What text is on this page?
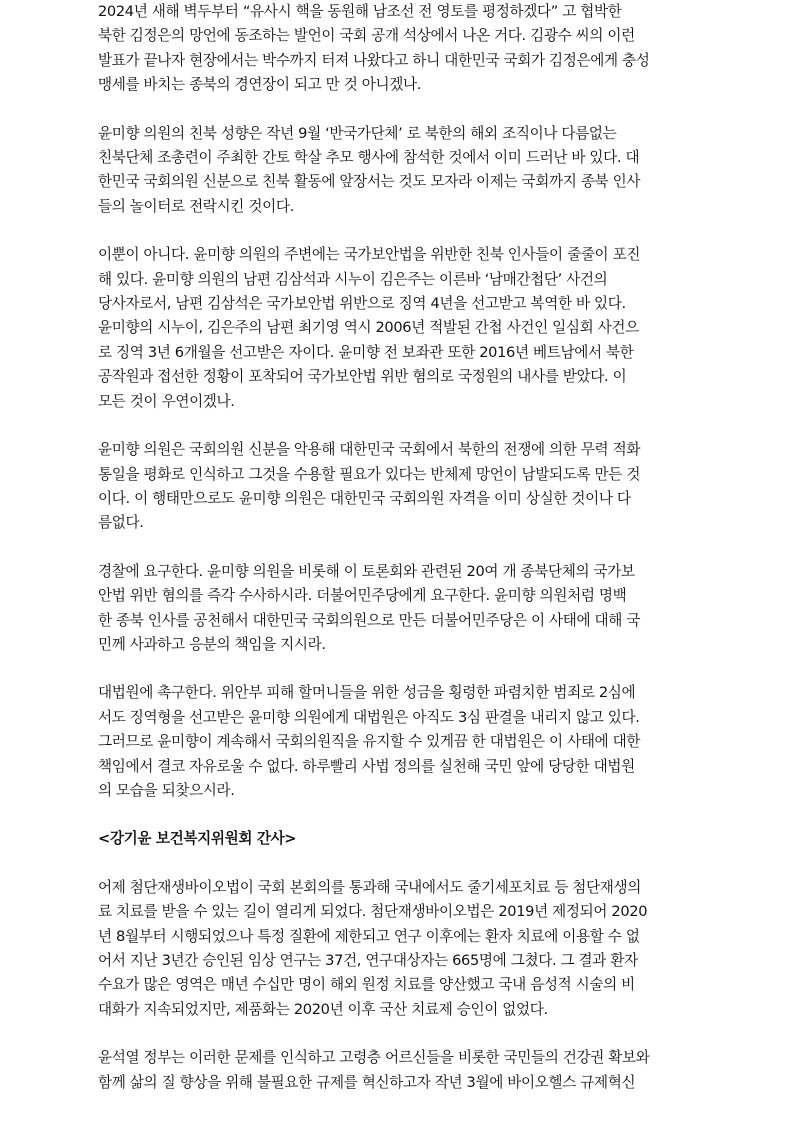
2024년 새해 벽두부터 “유사시 핵을 동원해 남조선 전 영토를 평정하겠다” 고 협박한
북한 김정은의 망언에 동조하는 발언이 국회 공개 석상에서 나온 거다. 김광수 씨의 이런
발표가 끝나자 현장에서는 박수까지 터져 나왔다고 하니 대한민국 국회가 김정은에게 충성
맹세를 바치는 종북의 경연장이 되고 만 것 아니겠나.

윤미향 의원의 친북 성향은 작년 9월 ‘반국가단체’ 로 북한의 해외 조직이나 다름없는
친북단체 조총련이 주최한 간토 학살 추모 행사에 참석한 것에서 이미 드러난 바 있다. 대
한민국 국회의원 신분으로 친북 활동에 앞장서는 것도 모자라 이제는 국회까지 종북 인사
들의 놀이터로 전락시킨 것이다.

이뿐이 아니다. 윤미향 의원의 주변에는 국가보안법을 위반한 친북 인사들이 줄줄이 포진
해 있다. 윤미향 의원의 남편 김삼석과 시누이 김은주는 이른바 ‘남매간첩단’ 사건의
당사자로서, 남편 김삼석은 국가보안법 위반으로 징역 4년을 선고받고 복역한 바 있다.
윤미향의 시누이, 김은주의 남편 최기영 역시 2006년 적발된 간첩 사건인 일심회 사건으
로 징역 3년 6개월을 선고받은 자이다. 윤미향 전 보좌관 또한 2016년 베트남에서 북한
공작원과 접선한 정황이 포착되어 국가보안법 위반 혐의로 국정원의 내사를 받았다. 이
모든 것이 우연이겠나.

윤미향 의원은 국회의원 신분을 악용해 대한민국 국회에서 북한의 전쟁에 의한 무력 적화
통일을 평화로 인식하고 그것을 수용할 필요가 있다는 반체제 망언이 남발되도록 만든 것
이다. 이 행태만으로도 윤미향 의원은 대한민국 국회의원 자격을 이미 상실한 것이나 다
름없다.

경찰에 요구한다. 윤미향 의원을 비롯해 이 토론회와 관련된 20여 개 종북단체의 국가보
안법 위반 혐의를 즉각 수사하시라. 더불어민주당에게 요구한다. 윤미향 의원처럼 명백
한 종북 인사를 공천해서 대한민국 국회의원으로 만든 더불어민주당은 이 사태에 대해 국
민께 사과하고 응분의 책임을 지시라.

대법원에 촉구한다. 위안부 피해 할머니들을 위한 성금을 횡령한 파렴치한 범죄로 2심에
서도 징역형을 선고받은 윤미향 의원에게 대법원은 아직도 3심 판결을 내리지 않고 있다.
그러므로 윤미향이 계속해서 국회의원직을 유지할 수 있게끔 한 대법원은 이 사태에 대한
책임에서 결코 자유로울 수 없다. 하루빨리 사법 정의를 실천해 국민 앞에 당당한 대법원
의 모습을 되찾으시라.

<강기윤 보건복지위원회 간사>

어제 첨단재생바이오법이 국회 본회의를 통과해 국내에서도 줄기세포치료 등 첨단재생의
료 치료를 받을 수 있는 길이 열리게 되었다. 첨단재생바이오법은 2019년 제정되어 2020
년 8월부터 시행되었으나 특정 질환에 제한되고 연구 이후에는 환자 치료에 이용할 수 없
어서 지난 3년간 승인된 임상 연구는 37건, 연구대상자는 665명에 그쳤다. 그 결과 환자
수요가 많은 영역은 매년 수십만 명이 해외 원정 치료를 양산했고 국내 음성적 시술의 비
대화가 지속되었지만, 제품화는 2020년 이후 국산 치료제 승인이 없었다.

윤석열 정부는 이러한 문제를 인식하고 고령층 어르신들을 비롯한 국민들의 건강권 확보와
함께 삶의 질 향상을 위해 불필요한 규제를 혁신하고자 작년 3월에 바이오헬스 규제혁신
